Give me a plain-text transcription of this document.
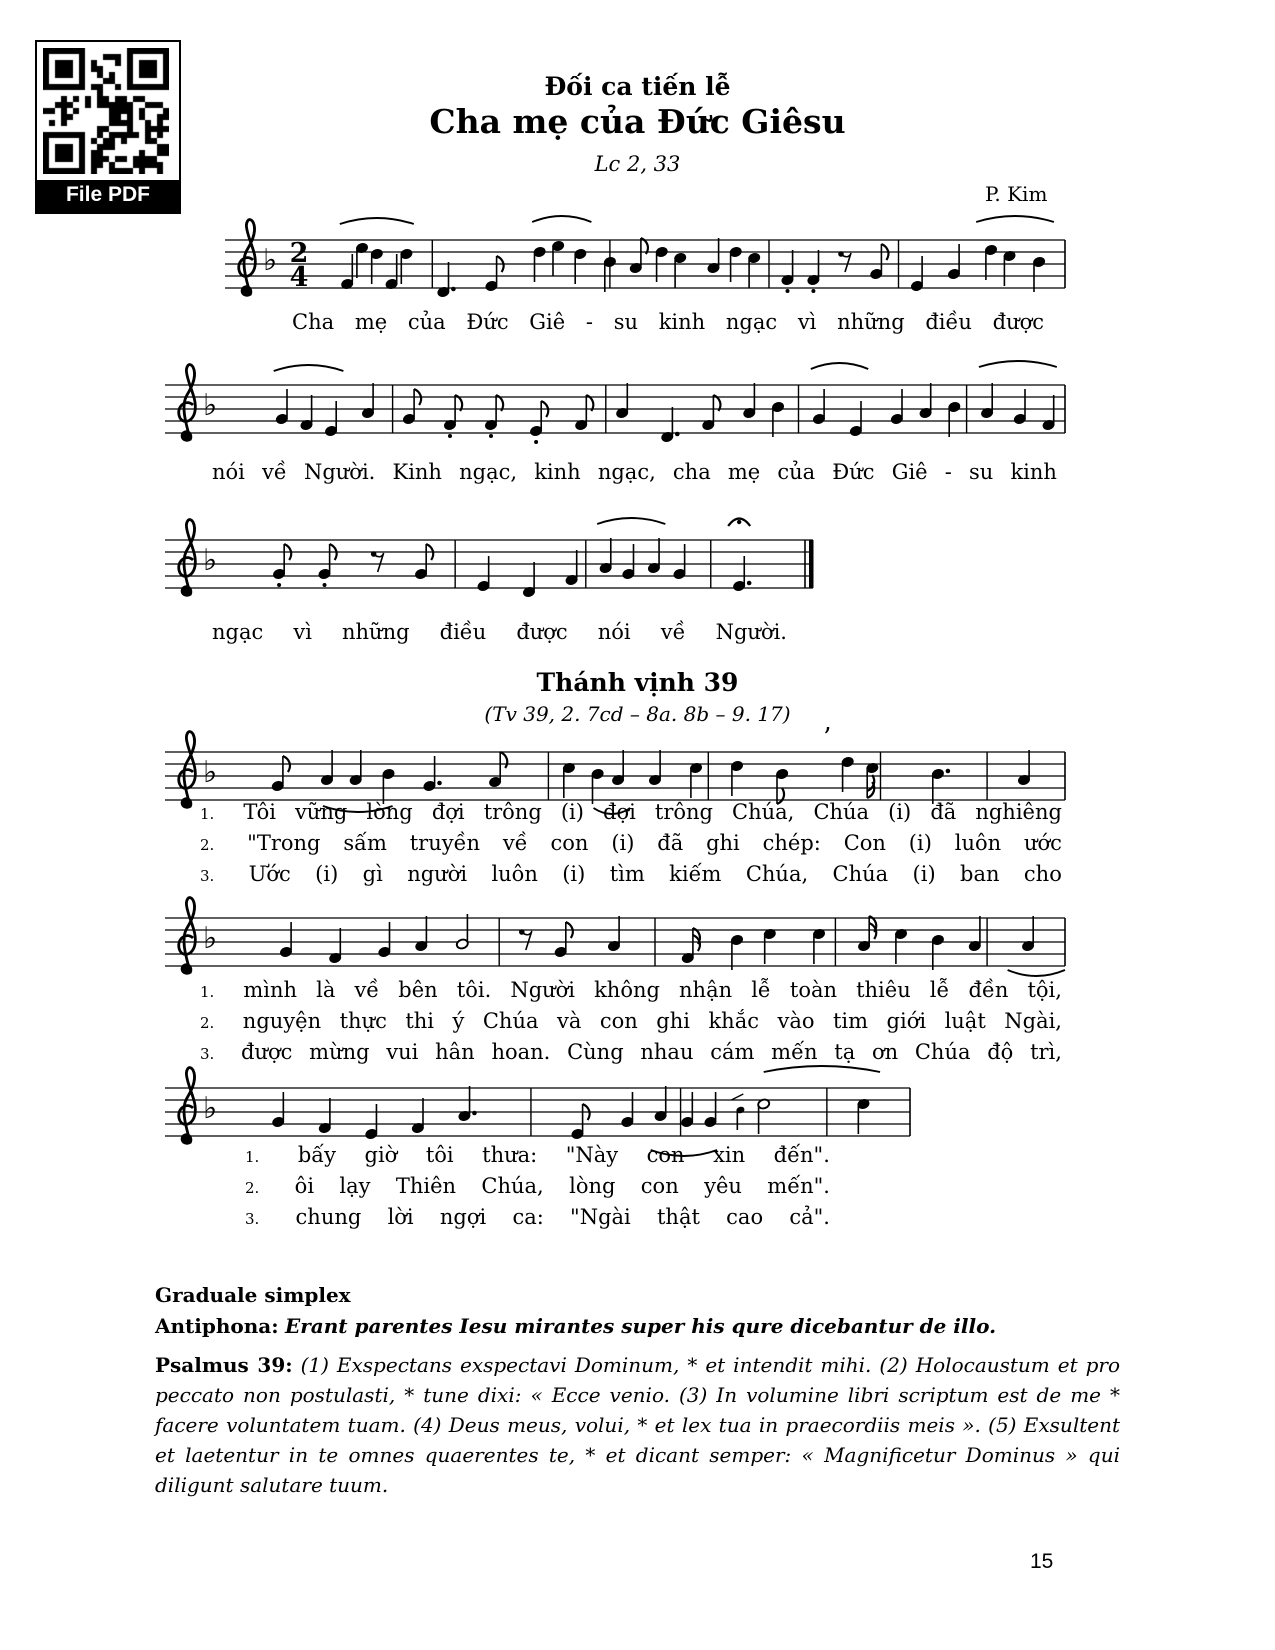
File PDF
Đối ca tiến lễ
Cha mẹ của Đức Giêsu
Lc 2, 33
P. Kim
Thánh vịnh 39
(Tv 39, 2. 7cd – 8a. 8b – 9. 17)
♭ 2
4
♭
♭
♭
’
♭
♭
Graduale simplex
Antiphona: Erant parentes Iesu mirantes super his qure dicebantur de illo.
Psalmus 39: (1) Exspectans exspectavi Dominum, * et intendit mihi. (2) Holocaustum et pro peccato non postulasti, * tune dixi: « Ecce venio. (3) In volumine libri scriptum est de me * facere voluntatem tuam. (4) Deus meus, volui, * et lex tua in praecordiis meis ». (5) Exsultent et laetentur in te omnes quaerentes te, * et dicant semper: « Magnificetur Dominus » qui diligunt salutare tuum.
15
Cha mẹ của Đức Giê - su kinh ngạc vì những điều được
nói về Người. Kinh ngạc, kinh ngạc, cha mẹ của Đức Giê - su kinh
ngạc vì những điều được nói về Người.
1. Tôi vững lòng đợi trông (i) đợi trông Chúa, Chúa (i) đã nghiêng
2. "Trong sấm truyền về con (i) đã ghi chép: Con (i) luôn ước
3. Ước (i) gì người luôn (i) tìm kiếm Chúa, Chúa (i) ban cho
1. mình là về bên tôi. Người không nhận lễ toàn thiêu lễ đền tội,
2. nguyện thực thi ý Chúa và con ghi khắc vào tim giới luật Ngài,
3. được mừng vui hân hoan. Cùng nhau cám mến tạ ơn Chúa độ trì,
1. bấy giờ tôi thưa: "Này con xin đến".
2. ôi lạy Thiên Chúa, lòng con yêu mến".
3. chung lời ngợi ca: "Ngài thật cao cả".
